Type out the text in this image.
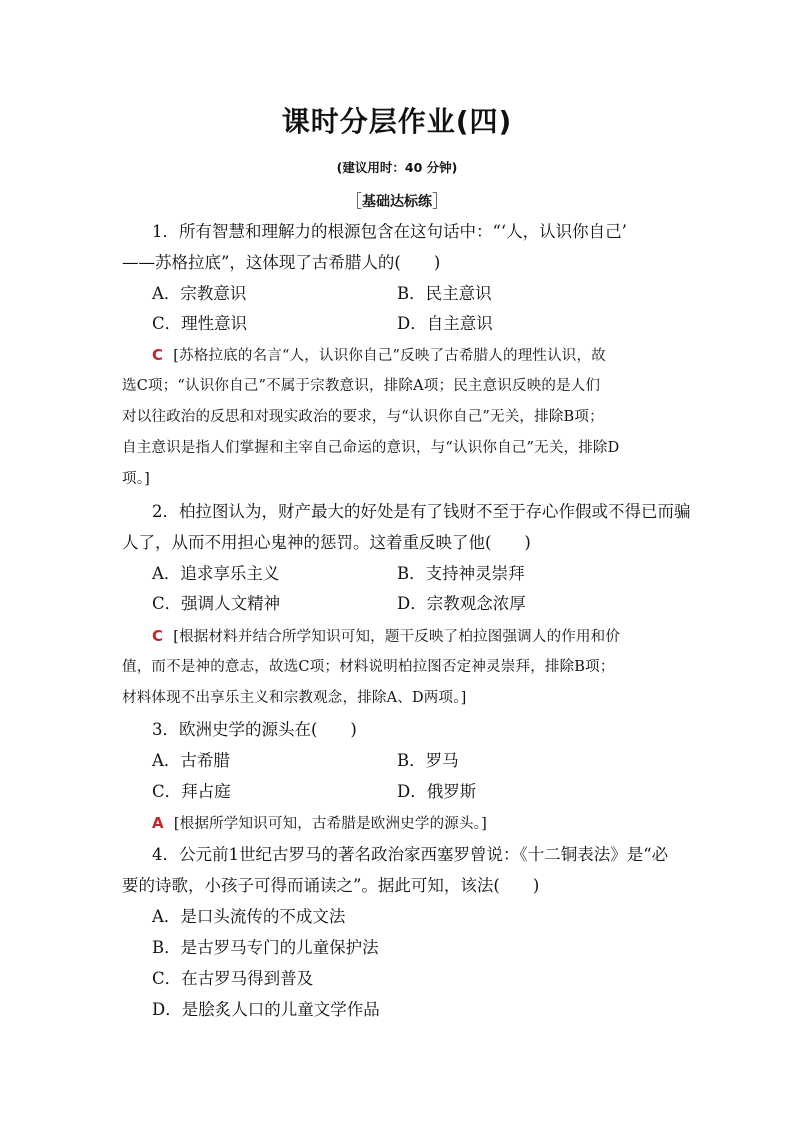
课时分层作业(四)
(建议用时：40 分钟)
［基础达标练］
1．所有智慧和理解力的根源包含在这句话中：“‘人，认识你自己’
——苏格拉底”，这体现了古希腊人的(　　)
A．宗教意识	B．民主意识
C．理性意识	D．自主意识
C [苏格拉底的名言“人，认识你自己”反映了古希腊人的理性认识，故
选C项；“认识你自己”不属于宗教意识，排除A项；民主意识反映的是人们
对以往政治的反思和对现实政治的要求，与“认识你自己”无关，排除B项；
自主意识是指人们掌握和主宰自己命运的意识，与“认识你自己”无关，排除D
项。]
2．柏拉图认为，财产最大的好处是有了钱财不至于存心作假或不得已而骗
人了，从而不用担心鬼神的惩罚。这着重反映了他(　　)
A．追求享乐主义	B．支持神灵崇拜
C．强调人文精神	D．宗教观念浓厚
C [根据材料并结合所学知识可知，题干反映了柏拉图强调人的作用和价
值，而不是神的意志，故选C项；材料说明柏拉图否定神灵崇拜，排除B项；
材料体现不出享乐主义和宗教观念，排除A、D两项。]
3．欧洲史学的源头在(　　)
A．古希腊	B．罗马
C．拜占庭	D．俄罗斯
A [根据所学知识可知，古希腊是欧洲史学的源头。]
4．公元前1世纪古罗马的著名政治家西塞罗曾说：《十二铜表法》是“必
要的诗歌，小孩子可得而诵读之”。据此可知，该法(　　)
A．是口头流传的不成文法
B．是古罗马专门的儿童保护法
C．在古罗马得到普及
D．是脍炙人口的儿童文学作品
